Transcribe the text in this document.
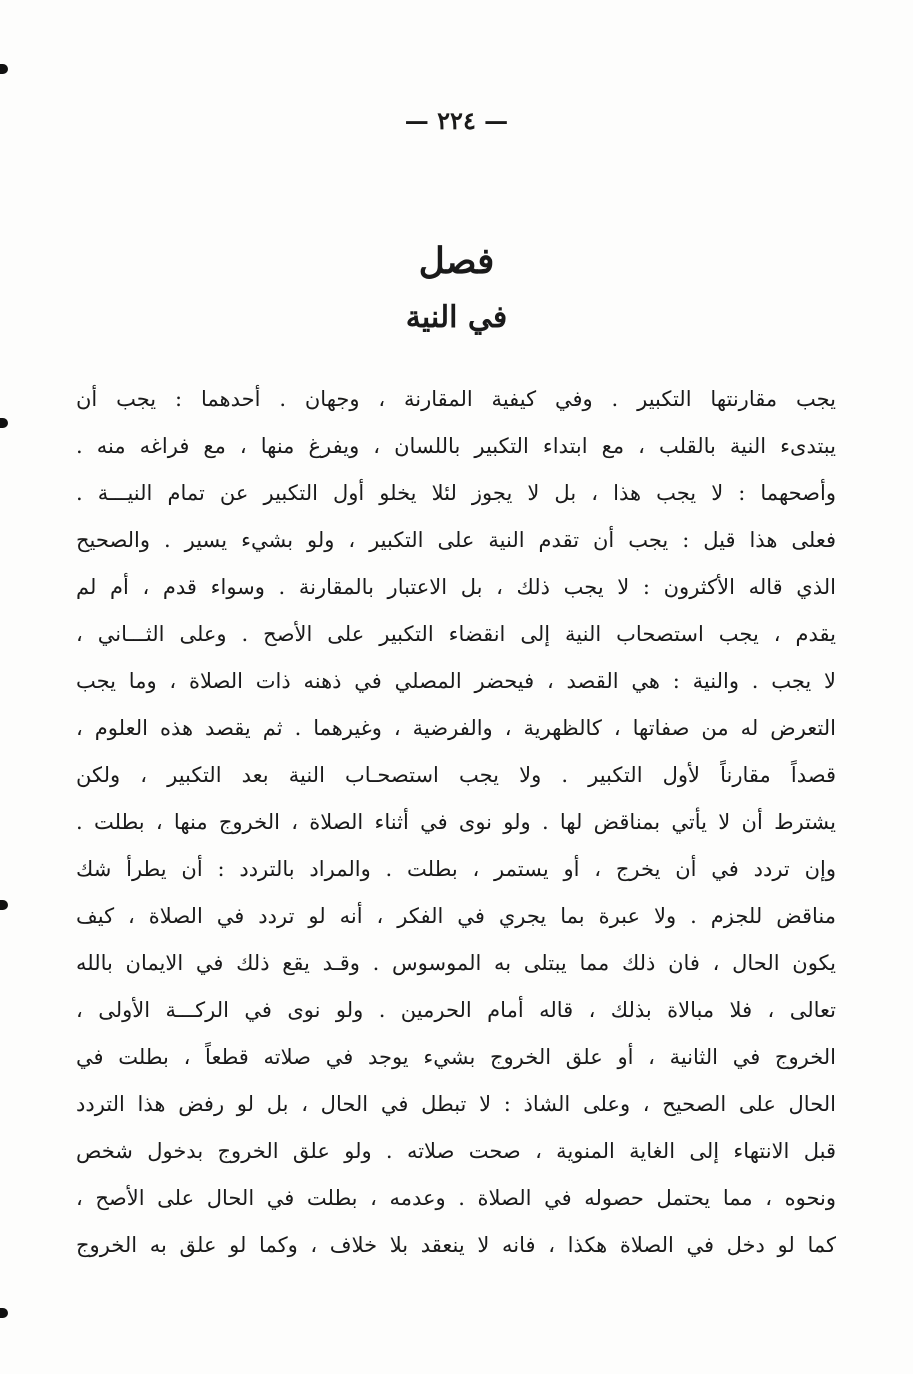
— ٢٢٤ —
فصل
في النية
يجب مقارنتها التكبير . وفي كيفية المقارنة ، وجهان . أحدهما : يجب أن
يبتدىء النية بالقلب ، مع ابتداء التكبير باللسان ، ويفرغ منها ، مع فراغه منه .
وأصحهما : لا يجب هذا ، بل لا يجوز لئلا يخلو أول التكبير عن تمام النيـــة .
فعلى هذا قيل : يجب أن تقدم النية على التكبير ، ولو بشيء يسير . والصحيح
الذي قاله الأكثرون : لا يجب ذلك ، بل الاعتبار بالمقارنة . وسواء قدم ، أم لم
يقدم ، يجب استصحاب النية إلى انقضاء التكبير على الأصح . وعلى الثـــاني ،
لا يجب . والنية : هي القصد ، فيحضر المصلي في ذهنه ذات الصلاة ، وما يجب
التعرض له من صفاتها ، كالظهرية ، والفرضية ، وغيرهما . ثم يقصد هذه العلوم ،
قصداً مقارناً لأول التكبير . ولا يجب استصحـاب النية بعد التكبير ، ولكن
يشترط أن لا يأتي بمناقض لها . ولو نوى في أثناء الصلاة ، الخروج منها ، بطلت .
وإن تردد في أن يخرج ، أو يستمر ، بطلت . والمراد بالتردد : أن يطرأ شك
مناقض للجزم . ولا عبرة بما يجري في الفكر ، أنه لو تردد في الصلاة ، كيف
يكون الحال ، فان ذلك مما يبتلى به الموسوس . وقـد يقع ذلك في الايمان بالله
تعالى ، فلا مبالاة بذلك ، قاله أمام الحرمين . ولو نوى في الركـــة الأولى ،
الخروج في الثانية ، أو علق الخروج بشيء يوجد في صلاته قطعاً ، بطلت في
الحال على الصحيح ، وعلى الشاذ : لا تبطل في الحال ، بل لو رفض هذا التردد
قبل الانتهاء إلى الغاية المنوية ، صحت صلاته . ولو علق الخروج بدخول شخص
ونحوه ، مما يحتمل حصوله في الصلاة . وعدمه ، بطلت في الحال على الأصح ،
كما لو دخل في الصلاة هكذا ، فانه لا ينعقد بلا خلاف ، وكما لو علق به الخروج
